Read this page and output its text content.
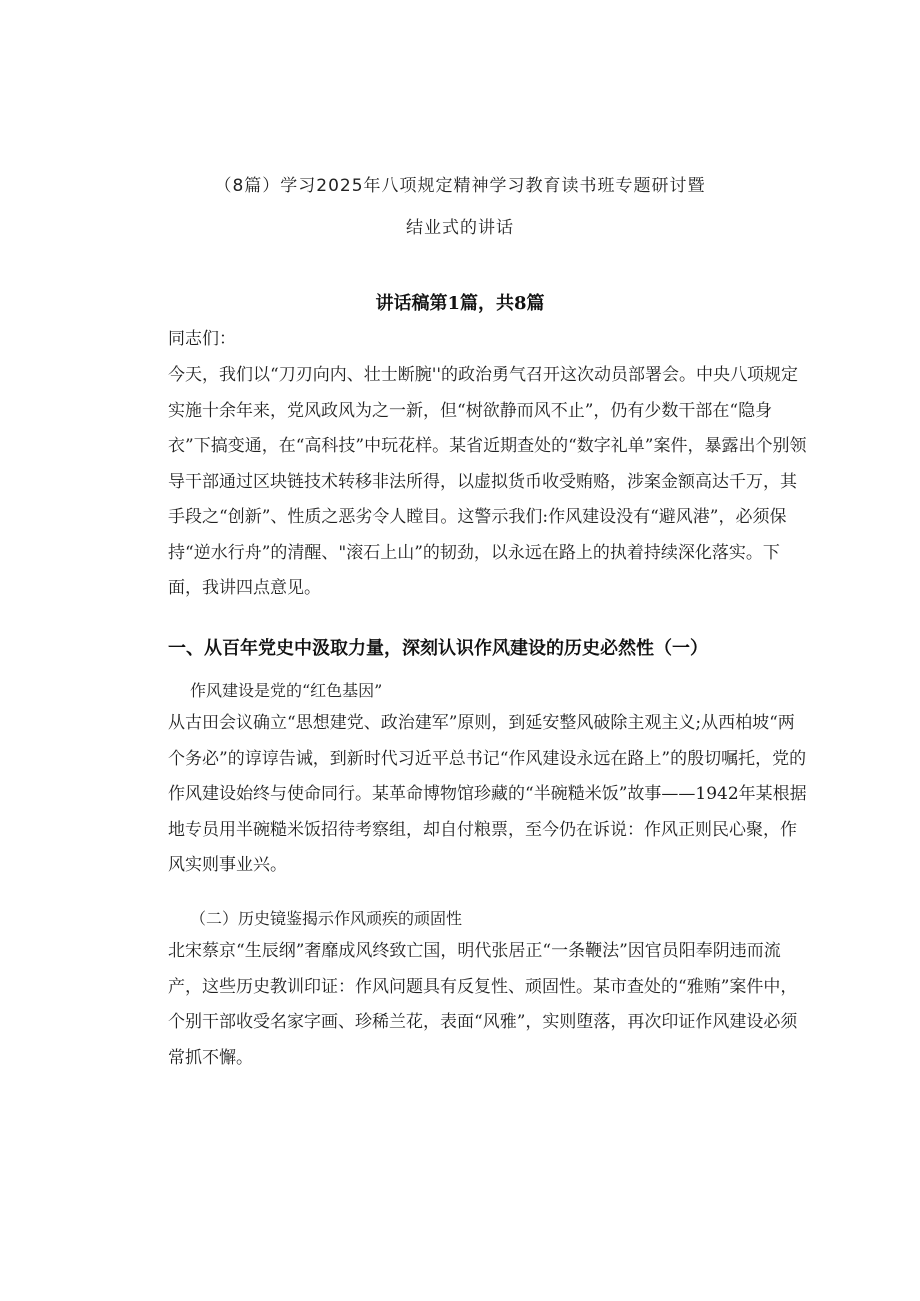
（8篇）学习2025年八项规定精神学习教育读书班专题研讨暨
结业式的讲话
讲话稿第1篇，共8篇
同志们：
今天，我们以“刀刃向内、壮士断腕''的政治勇气召开这次动员部署会。中央八项规定实施十余年来，党风政风为之一新，但“树欲静而风不止”，仍有少数干部在“隐身衣”下搞变通，在“高科技”中玩花样。某省近期查处的“数字礼单”案件，暴露出个别领导干部通过区块链技术转移非法所得，以虚拟货币收受贿赂，涉案金额高达千万，其手段之“创新”、性质之恶劣令人瞠目。这警示我们:作风建设没有“避风港”，必须保持“逆水行舟”的清醒、"滚石上山”的韧劲，以永远在路上的执着持续深化落实。下面，我讲四点意见。
一、从百年党史中汲取力量，深刻认识作风建设的历史必然性（一）
作风建设是党的“红色基因”
从古田会议确立“思想建党、政治建军”原则，到延安整风破除主观主义;从西柏坡“两个务必”的谆谆告诫，到新时代习近平总书记“作风建设永远在路上”的殷切嘱托，党的作风建设始终与使命同行。某革命博物馆珍藏的“半碗糙米饭”故事——1942年某根据地专员用半碗糙米饭招待考察组，却自付粮票，至今仍在诉说：作风正则民心聚，作风实则事业兴。
（二）历史镜鉴揭示作风顽疾的顽固性
北宋蔡京“生辰纲”奢靡成风终致亡国，明代张居正“一条鞭法”因官员阳奉阴违而流产，这些历史教训印证：作风问题具有反复性、顽固性。某市查处的“雅贿”案件中，个别干部收受名家字画、珍稀兰花，表面“风雅”，实则堕落，再次印证作风建设必须常抓不懈。
